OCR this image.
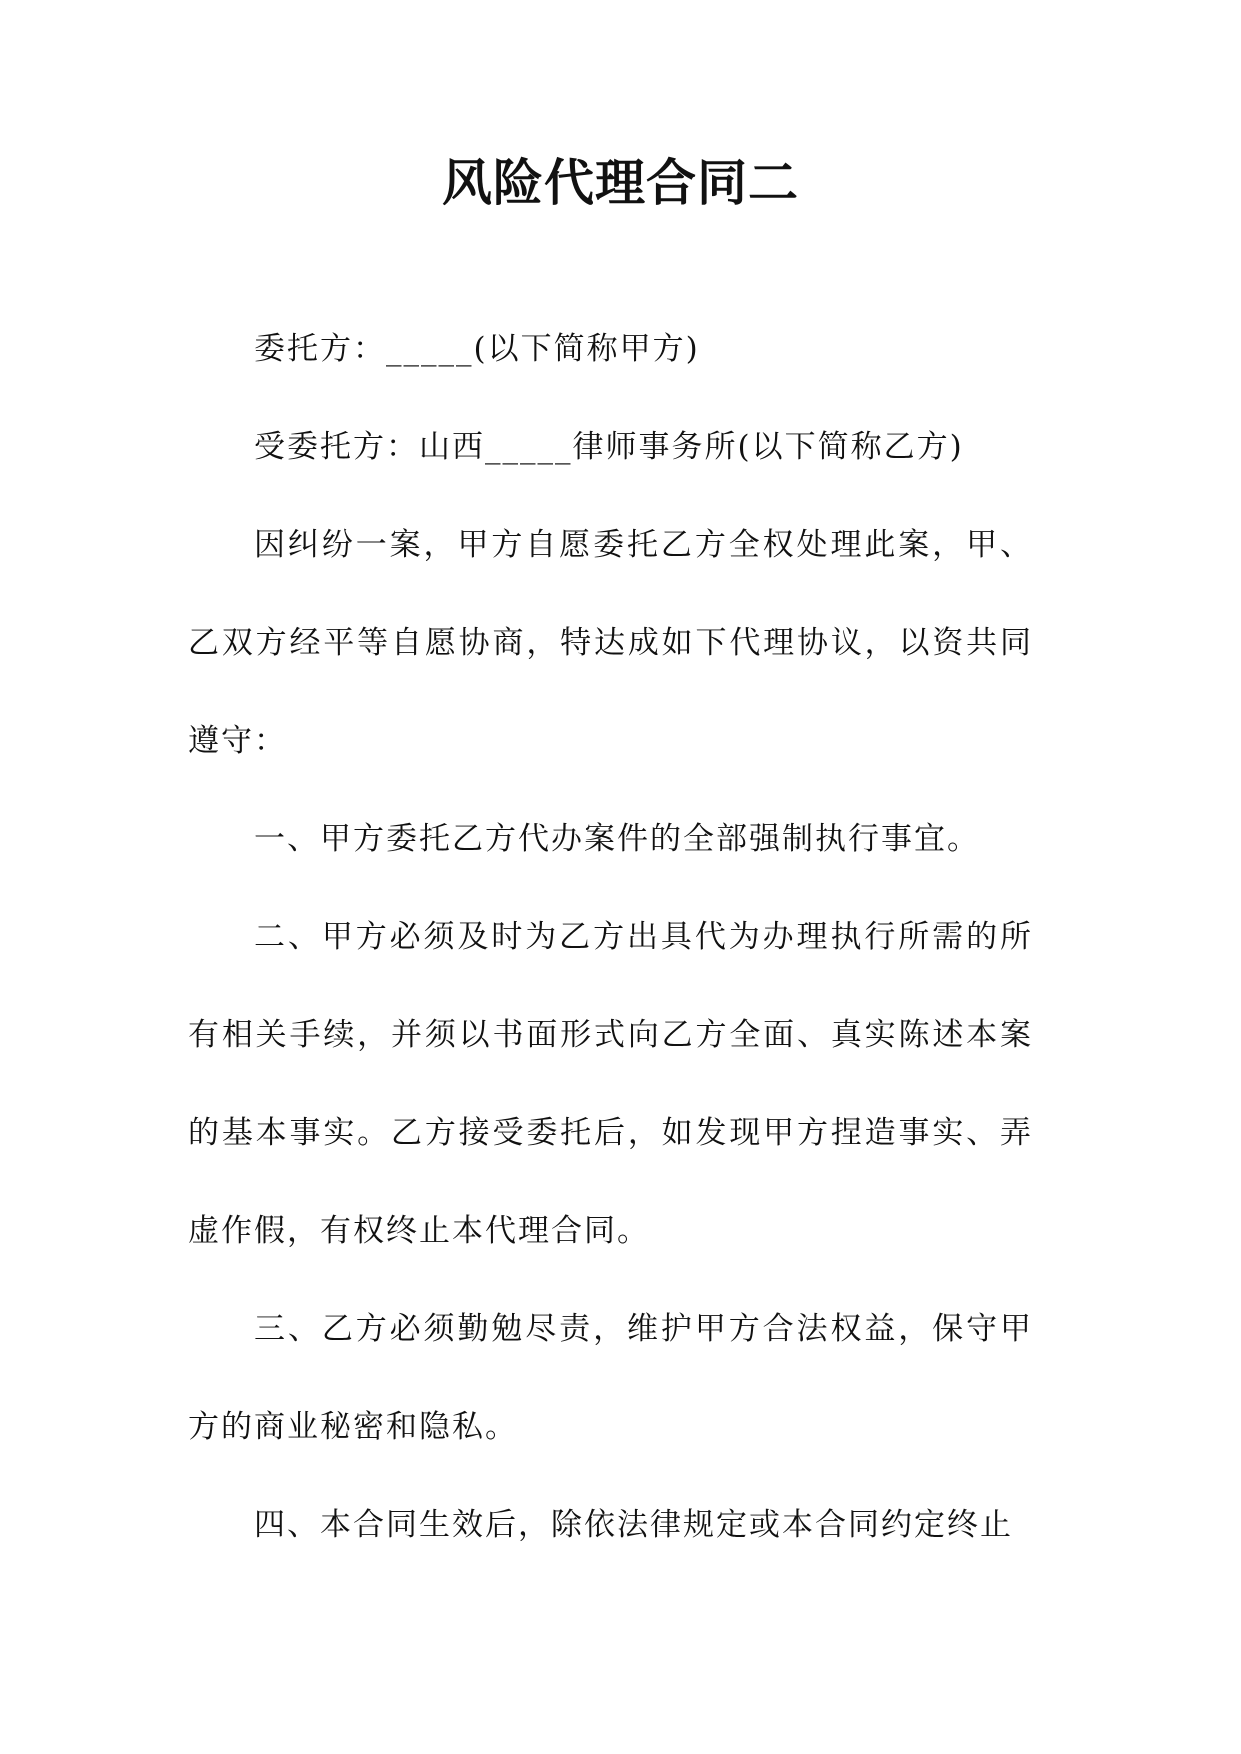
风险代理合同二

委托方：_____(以下简称甲方)

受委托方：山西_____律师事务所(以下简称乙方)

因纠纷一案，甲方自愿委托乙方全权处理此案，甲、乙双方经平等自愿协商，特达成如下代理协议，以资共同遵守：

一、甲方委托乙方代办案件的全部强制执行事宜。

二、甲方必须及时为乙方出具代为办理执行所需的所有相关手续，并须以书面形式向乙方全面、真实陈述本案的基本事实。乙方接受委托后，如发现甲方捏造事实、弄虚作假，有权终止本代理合同。

三、乙方必须勤勉尽责，维护甲方合法权益，保守甲方的商业秘密和隐私。

四、本合同生效后，除依法律规定或本合同约定终止
